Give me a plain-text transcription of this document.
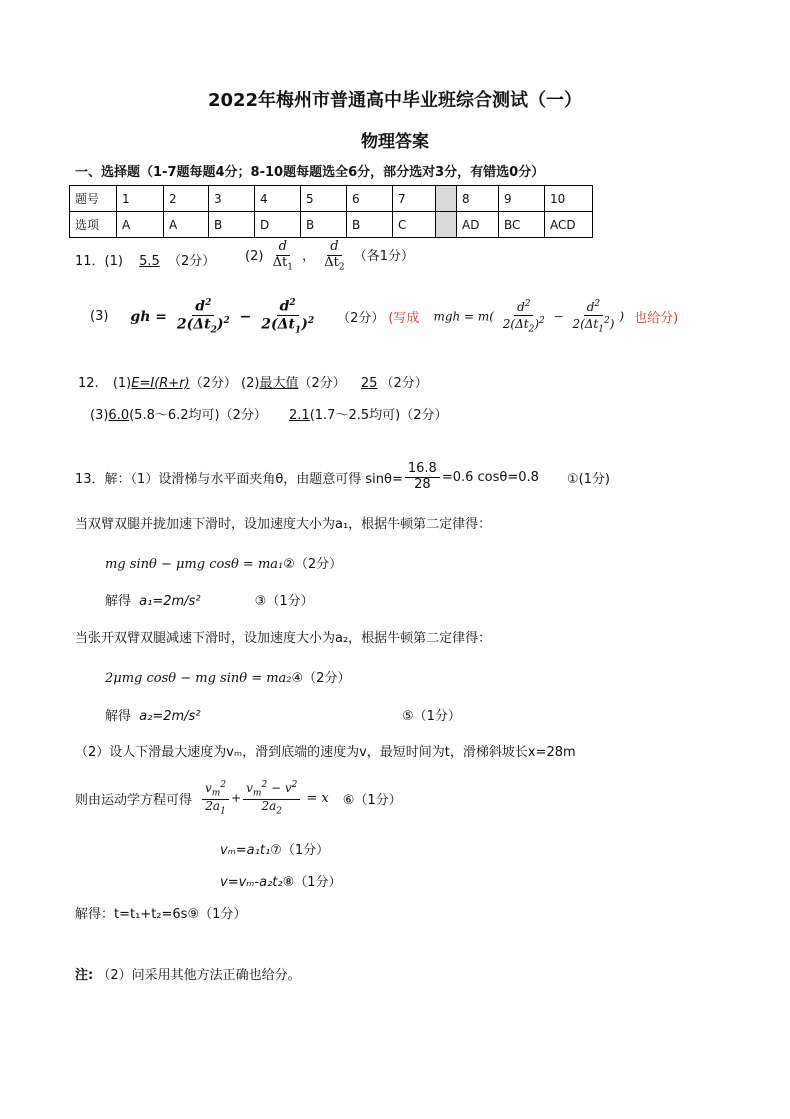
2022年梅州市普通高中毕业班综合测试（一）
物理答案
一、选择题（1-7题每题4分；8-10题每题选全6分，部分选对3分，有错选0分）
题号	1	2	3	4	5	6	7		8	9	10
选项	A	A	B	D	B	B	C		AD	BC	ACD
11．(1) 5.5 （2分） $(2) \frac{d}{\Delta t_1}$ ， $\frac{d}{\Delta t_2}$ （各1分）
(3) gh = $\frac{d^2}{2(\Delta t_2)^2} - \frac{d^2}{2(\Delta t_1)^2} (2$分） (写成 mgh = $m( \frac{d^2}{2(\Delta t_2)^2} - \frac{d^2}{2(\Delta t_1^2)}$ ) 也给分)
12. (1)E=I(R+r)（2分） (2)最大值（2分） 25 （2分）
(3)6.0(5.8～6.2均可)（2分） 2.1(1.7～2.5均可)（2分）
13．解：（1）设滑梯与水平面夹角θ，由题意可得 $\sin\theta= \frac{16.8}{28} =0.6$ cosθ=0.8 ①(1分)
当双臂双腿并拢加速下滑时，设加速度大小为a₁，根据牛顿第二定律得：
mg sinθ − μmg cosθ = ma₁②（2分）
解得 a₁=2m/s²	③（1分）
当张开双臂双腿减速下滑时，设加速度大小为a₂，根据牛顿第二定律得：
2μmg cosθ − mg sinθ = ma₂④（2分）
解得 a₂=2m/s²	⑤（1分）
（2）设人下滑最大速度为vₘ，滑到底端的速度为v，最短时间为t，滑梯斜坡长x=28m
则由运动学方程可得 $\frac{v_m^2}{2a_1} + \frac{v_m^2 - v^2}{2a_2} = x$ ⑥（1分）
vₘ=a₁t₁⑦（1分）
v=vₘ-a₂t₂⑧（1分）
解得：t=t₁+t₂=6s⑨（1分）
注: （2）问采用其他方法正确也给分。
